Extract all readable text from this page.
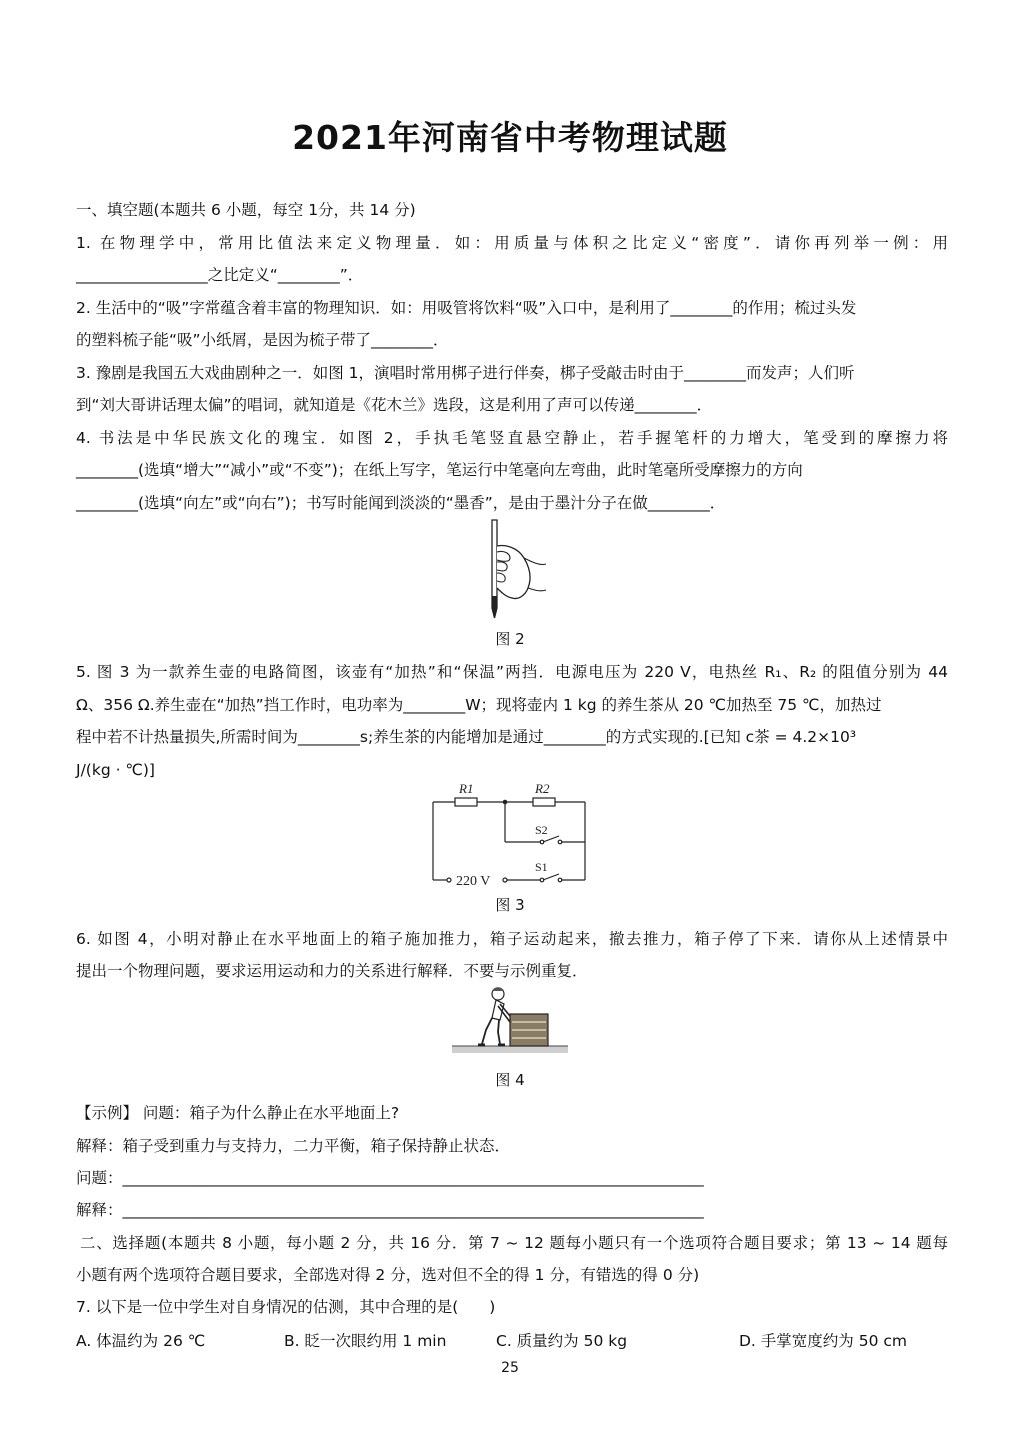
2021年河南省中考物理试题
一、填空题(本题共 6 小题，每空 1分，共 14 分)
1. 在物理学中，常用比值法来定义物理量．如：用质量与体积之比定义“密度”．请你再列举一例：用
_________________之比定义“________”．
2. 生活中的“吸”字常蕴含着丰富的物理知识．如：用吸管将饮料“吸”入口中，是利用了________的作用；梳过头发
的塑料梳子能“吸”小纸屑，是因为梳子带了________．
3. 豫剧是我国五大戏曲剧种之一．如图 1，演唱时常用梆子进行伴奏，梆子受敲击时由于________而发声；人们听
到“刘大哥讲话理太偏”的唱词，就知道是《花木兰》选段，这是利用了声可以传递________．
4. 书法是中华民族文化的瑰宝．如图 2，手执毛笔竖直悬空静止，若手握笔杆的力增大，笔受到的摩擦力将
________(选填“增大”“减小”或“不变”)；在纸上写字，笔运行中笔毫向左弯曲，此时笔毫所受摩擦力的方向
________(选填“向左”或“向右”)；书写时能闻到淡淡的“墨香”，是由于墨汁分子在做________．
图 2
5. 图 3 为一款养生壶的电路简图，该壶有“加热”和“保温”两挡．电源电压为 220 V，电热丝 R₁、R₂ 的阻值分别为 44
Ω、356 Ω.养生壶在“加热”挡工作时，电功率为________W；现将壶内 1 kg 的养生茶从 20 ℃加热至 75 ℃，加热过
程中若不计热量损失,所需时间为________s;养生茶的内能增加是通过________的方式实现的.[已知 c茶 = 4.2×10³
J/(kg · ℃)]
R1	R2
S2
S1
220 V
图 3
6. 如图 4，小明对静止在水平地面上的箱子施加推力，箱子运动起来，撤去推力，箱子停了下来．请你从上述情景中
提出一个物理问题，要求运用运动和力的关系进行解释．不要与示例重复．
图 4
【示例】 问题：箱子为什么静止在水平地面上?
解释：箱子受到重力与支持力，二力平衡，箱子保持静止状态．
问题：___________________________________________________________________________
解释：___________________________________________________________________________
二、选择题(本题共 8 小题，每小题 2 分，共 16 分．第 7 ~ 12 题每小题只有一个选项符合题目要求；第 13 ~ 14 题每
小题有两个选项符合题目要求，全部选对得 2 分，选对但不全的得 1 分，有错选的得 0 分)
7. 以下是一位中学生对自身情况的估测，其中合理的是(　　)
A. 体温约为 26 ℃	B. 眨一次眼约用 1 min	C. 质量约为 50 kg	D. 手掌宽度约为 50 cm
25
